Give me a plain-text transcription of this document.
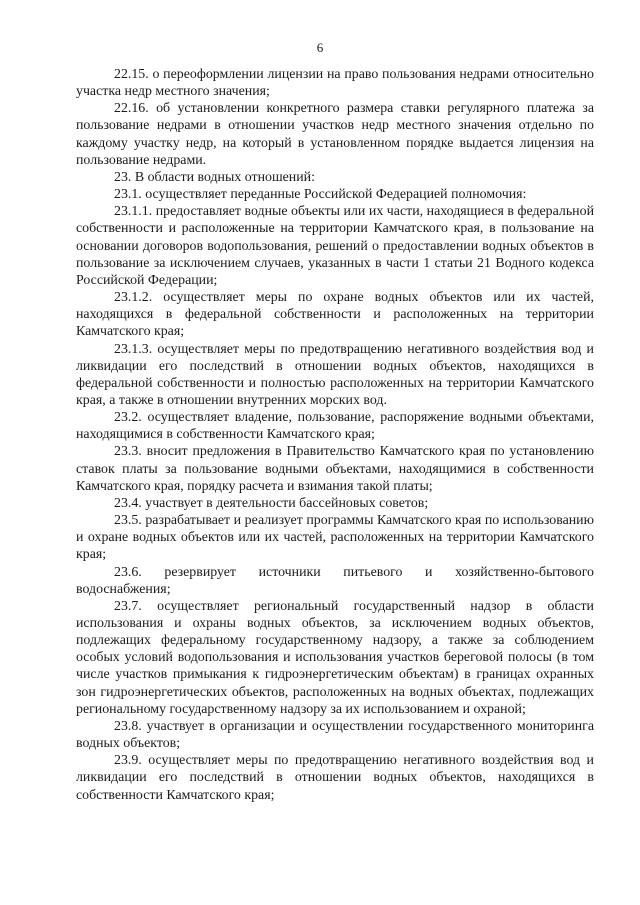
6

22.15. о переоформлении лицензии на право пользования недрами относительно участка недр местного значения;

22.16. об установлении конкретного размера ставки регулярного платежа за пользование недрами в отношении участков недр местного значения отдельно по каждому участку недр, на который в установленном порядке выдается лицензия на пользование недрами.

23. В области водных отношений:

23.1. осуществляет переданные Российской Федерацией полномочия:

23.1.1. предоставляет водные объекты или их части, находящиеся в федеральной собственности и расположенные на территории Камчатского края, в пользование на основании договоров водопользования, решений о предоставлении водных объектов в пользование за исключением случаев, указанных в части 1 статьи 21 Водного кодекса Российской Федерации;

23.1.2. осуществляет меры по охране водных объектов или их частей, находящихся в федеральной собственности и расположенных на территории Камчатского края;

23.1.3. осуществляет меры по предотвращению негативного воздействия вод и ликвидации его последствий в отношении водных объектов, находящихся в федеральной собственности и полностью расположенных на территории Камчатского края, а также в отношении внутренних морских вод.

23.2. осуществляет владение, пользование, распоряжение водными объектами, находящимися в собственности Камчатского края;

23.3. вносит предложения в Правительство Камчатского края по установлению ставок платы за пользование водными объектами, находящимися в собственности Камчатского края, порядку расчета и взимания такой платы;

23.4. участвует в деятельности бассейновых советов;

23.5. разрабатывает и реализует программы Камчатского края по использованию и охране водных объектов или их частей, расположенных на территории Камчатского края;

23.6. резервирует источники питьевого и хозяйственно-бытового водоснабжения;

23.7. осуществляет региональный государственный надзор в области использования и охраны водных объектов, за исключением водных объектов, подлежащих федеральному государственному надзору, а также за соблюдением особых условий водопользования и использования участков береговой полосы (в том числе участков примыкания к гидроэнергетическим объектам) в границах охранных зон гидроэнергетических объектов, расположенных на водных объектах, подлежащих региональному государственному надзору за их использованием и охраной;

23.8. участвует в организации и осуществлении государственного мониторинга водных объектов;

23.9. осуществляет меры по предотвращению негативного воздействия вод и ликвидации его последствий в отношении водных объектов, находящихся в собственности Камчатского края;
